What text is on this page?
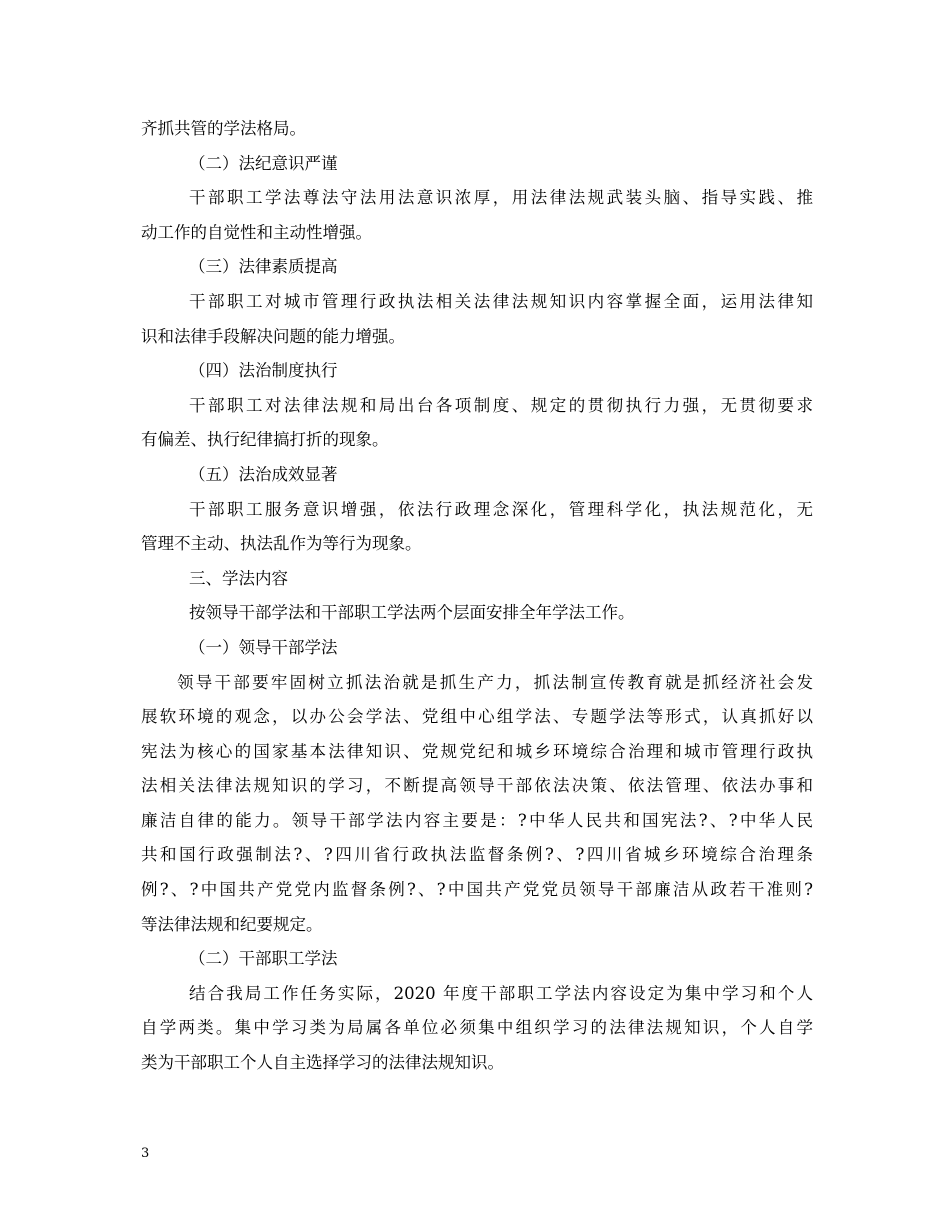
齐抓共管的学法格局。
（二）法纪意识严谨
干部职工学法尊法守法用法意识浓厚，用法律法规武装头脑、指导实践、推
动工作的自觉性和主动性增强。
（三）法律素质提高
干部职工对城市管理行政执法相关法律法规知识内容掌握全面，运用法律知
识和法律手段解决问题的能力增强。
（四）法治制度执行
干部职工对法律法规和局出台各项制度、规定的贯彻执行力强，无贯彻要求
有偏差、执行纪律搞打折的现象。
（五）法治成效显著
干部职工服务意识增强，依法行政理念深化，管理科学化，执法规范化，无
管理不主动、执法乱作为等行为现象。
三、学法内容
按领导干部学法和干部职工学法两个层面安排全年学法工作。
（一）领导干部学法
领导干部要牢固树立抓法治就是抓生产力，抓法制宣传教育就是抓经济社会发
展软环境的观念，以办公会学法、党组中心组学法、专题学法等形式，认真抓好以
宪法为核心的国家基本法律知识、党规党纪和城乡环境综合治理和城市管理行政执
法相关法律法规知识的学习，不断提高领导干部依法决策、依法管理、依法办事和
廉洁自律的能力。领导干部学法内容主要是：?中华人民共和国宪法?、?中华人民
共和国行政强制法?、?四川省行政执法监督条例?、?四川省城乡环境综合治理条
例?、?中国共产党党内监督条例?、?中国共产党党员领导干部廉洁从政若干准则?
等法律法规和纪要规定。
（二）干部职工学法
结合我局工作任务实际，2020 年度干部职工学法内容设定为集中学习和个人
自学两类。集中学习类为局属各单位必须集中组织学习的法律法规知识，个人自学
类为干部职工个人自主选择学习的法律法规知识。
3
